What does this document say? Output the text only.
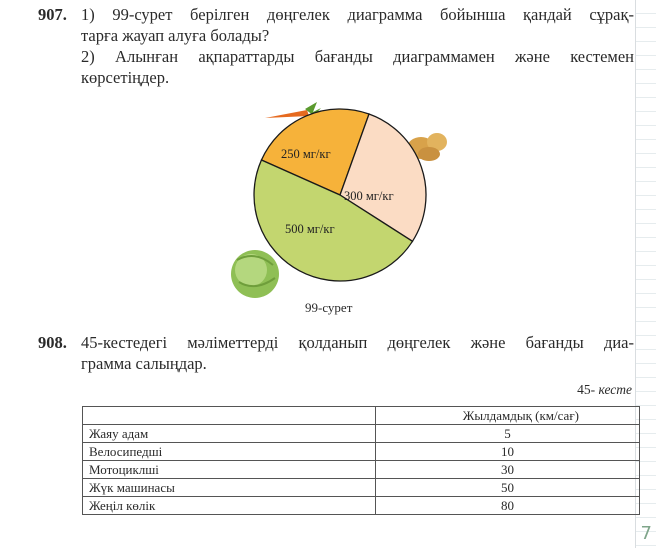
7
907. 1) 99-сурет берілген дөңгелек диаграмма бойынша қандай сұрақ-
тарға жауап алуға болады?
2) Алынған ақпараттарды бағанды диаграммамен және кестемен
көрсетіңдер.
250 мг/кг
300 мг/кг
500 мг/кг
99-сурет
908. 45-кестедегі мәліметтерді қолданып дөңгелек және бағанды диа-
грамма салыңдар.
45- кесте
	Жылдамдық (км/сағ)
Жаяу адам	5
Велосипедші	10
Мотоциклші	30
Жүк машинасы	50
Жеңіл көлік	80
